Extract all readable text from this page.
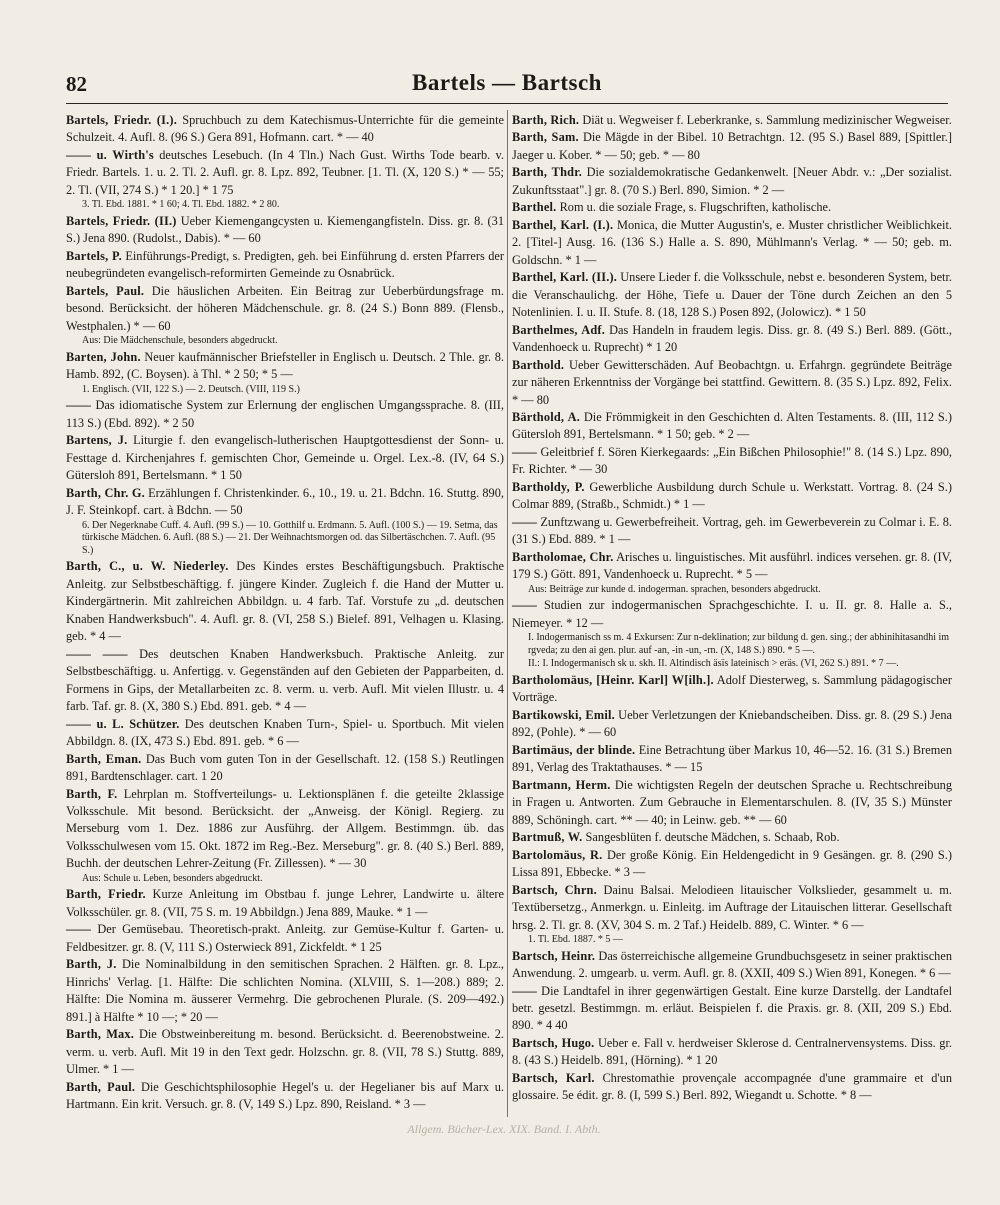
82	Bartels — Bartsch
Bartels, Friedr. (I.). Spruchbuch zu dem Katechismus-Unterrichte für die gemeinte Schulzeit. 4. Aufl. 8. (96 S.) Gera 891, Hofmann. cart. * — 40
—— u. Wirth's deutsches Lesebuch. (In 4 Tln.) Nach Gust. Wirths Tode bearb. v. Friedr. Bartels. 1. u. 2. Tl. 2. Aufl. gr. 8. Lpz. 892, Teubner. [1. Tl. (X, 120 S.) * — 55; 2. Tl. (VII, 274 S.) * 1 20.] * 1 75
3. Tl. Ebd. 1881. * 1 60; 4. Tl. Ebd. 1882. * 2 80.
Bartels, Friedr. (II.) Ueber Kiemengangcysten u. Kiemengangfisteln. Diss. gr. 8. (31 S.) Jena 890. (Rudolst., Dabis). * — 60
Bartels, P. Einführungs-Predigt, s. Predigten, geh. bei Einführung d. ersten Pfarrers der neubegründeten evangelisch-reformirten Gemeinde zu Osnabrück.
Bartels, Paul. Die häuslichen Arbeiten. Ein Beitrag zur Ueberbürdungsfrage m. besond. Berücksicht. der höheren Mädchenschule. gr. 8. (24 S.) Bonn 889. (Flensb., Westphalen.) * — 60
Aus: Die Mädchenschule, besonders abgedruckt.
Barten, John. Neuer kaufmännischer Briefsteller in Englisch u. Deutsch. 2 Thle. gr. 8. Hamb. 892, (C. Boysen). à Thl. * 2 50; * 5 —
1. Englisch. (VII, 122 S.) — 2. Deutsch. (VIII, 119 S.)
—— Das idiomatische System zur Erlernung der englischen Umgangssprache. 8. (III, 113 S.) (Ebd. 892). * 2 50
Bartens, J. Liturgie f. den evangelisch-lutherischen Hauptgottesdienst der Sonn- u. Festtage d. Kirchenjahres f. gemischten Chor, Gemeinde u. Orgel. Lex.-8. (IV, 64 S.) Gütersloh 891, Bertelsmann. * 1 50
Barth, Chr. G. Erzählungen f. Christenkinder. 6., 10., 19. u. 21. Bdchn. 16. Stuttg. 890, J. F. Steinkopf. cart. à Bdchn. — 50
6. Der Negerknabe Cuff. 4. Aufl. (99 S.) — 10. Gotthilf u. Erdmann. 5. Aufl. (100 S.) — 19. Setma, das türkische Mädchen. 6. Aufl. (88 S.) — 21. Der Weihnachtsmorgen od. das Silbertäschchen. 7. Aufl. (95 S.)
Barth, C., u. W. Niederley. Des Kindes erstes Beschäftigungsbuch. Praktische Anleitg. zur Selbstbeschäftigg. f. jüngere Kinder. Zugleich f. die Hand der Mutter u. Kindergärtnerin. Mit zahlreichen Abbildgn. u. 4 farb. Taf. Vorstufe zu „d. deutschen Knaben Handwerksbuch". 4. Aufl. gr. 8. (VI, 258 S.) Bielef. 891, Velhagen u. Klasing. geb. * 4 —
—— —— Des deutschen Knaben Handwerksbuch. Praktische Anleitg. zur Selbstbeschäftigg. u. Anfertigg. v. Gegenständen auf den Gebieten der Papparbeiten, d. Formens in Gips, der Metallarbeiten zc. 8. verm. u. verb. Aufl. Mit vielen Illustr. u. 4 farb. Taf. gr. 8. (X, 380 S.) Ebd. 891. geb. * 4 —
—— u. L. Schützer. Des deutschen Knaben Turn-, Spiel- u. Sportbuch. Mit vielen Abbildgn. 8. (IX, 473 S.) Ebd. 891. geb. * 6 —
Barth, Eman. Das Buch vom guten Ton in der Gesellschaft. 12. (158 S.) Reutlingen 891, Bardtenschlager. cart. 1 20
Barth, F. Lehrplan m. Stoffverteilungs- u. Lektionsplänen f. die geteilte 2klassige Volksschule. Mit besond. Berücksicht. der „Anweisg. der Königl. Regierg. zu Merseburg vom 1. Dez. 1886 zur Ausführg. der Allgem. Bestimmgn. üb. das Volksschulwesen vom 15. Okt. 1872 im Reg.-Bez. Merseburg". gr. 8. (40 S.) Berl. 889, Buchh. der deutschen Lehrer-Zeitung (Fr. Zillessen). * — 30
Aus: Schule u. Leben, besonders abgedruckt.
Barth, Friedr. Kurze Anleitung im Obstbau f. junge Lehrer, Landwirte u. ältere Volksschüler. gr. 8. (VII, 75 S. m. 19 Abbildgn.) Jena 889, Mauke. * 1 —
—— Der Gemüsebau. Theoretisch-prakt. Anleitg. zur Gemüse-Kultur f. Garten- u. Feldbesitzer. gr. 8. (V, 111 S.) Osterwieck 891, Zickfeldt. * 1 25
Barth, J. Die Nominalbildung in den semitischen Sprachen. 2 Hälften. gr. 8. Lpz., Hinrichs' Verlag. [1. Hälfte: Die schlichten Nomina. (XLVIII, S. 1—208.) 889; 2. Hälfte: Die Nomina m. äusserer Vermehrg. Die gebrochenen Plurale. (S. 209—492.) 891.] à Hälfte * 10 —; * 20 —
Barth, Max. Die Obstweinbereitung m. besond. Berücksicht. d. Beerenobstweine. 2. verm. u. verb. Aufl. Mit 19 in den Text gedr. Holzschn. gr. 8. (VII, 78 S.) Stuttg. 889, Ulmer. * 1 —
Barth, Paul. Die Geschichtsphilosophie Hegel's u. der Hegelianer bis auf Marx u. Hartmann. Ein krit. Versuch. gr. 8. (V, 149 S.) Lpz. 890, Reisland. * 3 —
Barth, Rich. Diät u. Wegweiser f. Leberkranke, s. Sammlung medizinischer Wegweiser.
Barth, Sam. Die Mägde in der Bibel. 10 Betrachtgn. 12. (95 S.) Basel 889, [Spittler.] Jaeger u. Kober. * — 50; geb. * — 80
Barth, Thdr. Die sozialdemokratische Gedankenwelt. [Neuer Abdr. v.: „Der sozialist. Zukunftsstaat".] gr. 8. (70 S.) Berl. 890, Simion. * 2 —
Barthel. Rom u. die soziale Frage, s. Flugschriften, katholische.
Barthel, Karl. (I.). Monica, die Mutter Augustin's, e. Muster christlicher Weiblichkeit. 2. [Titel-] Ausg. 16. (136 S.) Halle a. S. 890, Mühlmann's Verlag. * — 50; geb. m. Goldschn. * 1 —
Barthel, Karl. (II.). Unsere Lieder f. die Volksschule, nebst e. besonderen System, betr. die Veranschaulichg. der Höhe, Tiefe u. Dauer der Töne durch Zeichen an den 5 Notenlinien. I. u. II. Stufe. 8. (18, 128 S.) Posen 892, (Jolowicz). * 1 50
Barthelmes, Adf. Das Handeln in fraudem legis. Diss. gr. 8. (49 S.) Berl. 889. (Gött., Vandenhoeck u. Ruprecht) * 1 20
Barthold. Ueber Gewitterschäden. Auf Beobachtgn. u. Erfahrgn. gegründete Beiträge zur näheren Erkenntniss der Vorgänge bei stattfind. Gewittern. 8. (35 S.) Lpz. 892, Felix. * — 80
Bärthold, A. Die Frömmigkeit in den Geschichten d. Alten Testaments. 8. (III, 112 S.) Gütersloh 891, Bertelsmann. * 1 50; geb. * 2 —
—— Geleitbrief f. Sören Kierkegaards: „Ein Bißchen Philosophie!" 8. (14 S.) Lpz. 890, Fr. Richter. * — 30
Bartholdy, P. Gewerbliche Ausbildung durch Schule u. Werkstatt. Vortrag. 8. (24 S.) Colmar 889, (Straßb., Schmidt.) * 1 —
—— Zunftzwang u. Gewerbefreiheit. Vortrag, geh. im Gewerbeverein zu Colmar i. E. 8. (31 S.) Ebd. 889. * 1 —
Bartholomae, Chr. Arisches u. linguistisches. Mit ausführl. indices versehen. gr. 8. (IV, 179 S.) Gött. 891, Vandenhoeck u. Ruprecht. * 5 —
Aus: Beiträge zur kunde d. indogerman. sprachen, besonders abgedruckt.
—— Studien zur indogermanischen Sprachgeschichte. I. u. II. gr. 8. Halle a. S., Niemeyer. * 12 —
I. Indogermanisch ss m. 4 Exkursen: Zur n-deklination; zur bildung d. gen. sing.; der abhinihitasandhi im rgveda; zu den ai gen. plur. auf -an, -in -un, -rn. (X, 148 S.) 890. * 5 —.
II.: I. Indogermanisch sk u. skh. II. Altindisch äsïs lateinisch > eräs. (VI, 262 S.) 891. * 7 —.
Bartholomäus, [Heinr. Karl] W[ilh.]. Adolf Diesterweg, s. Sammlung pädagogischer Vorträge.
Bartikowski, Emil. Ueber Verletzungen der Kniebandscheiben. Diss. gr. 8. (29 S.) Jena 892, (Pohle). * — 60
Bartimäus, der blinde. Eine Betrachtung über Markus 10, 46—52. 16. (31 S.) Bremen 891, Verlag des Traktathauses. * — 15
Bartmann, Herm. Die wichtigsten Regeln der deutschen Sprache u. Rechtschreibung in Fragen u. Antworten. Zum Gebrauche in Elementarschulen. 8. (IV, 35 S.) Münster 889, Schöningh. cart. ** — 40; in Leinw. geb. ** — 60
Bartmuß, W. Sangesblüten f. deutsche Mädchen, s. Schaab, Rob.
Bartolomäus, R. Der große König. Ein Heldengedicht in 9 Gesängen. gr. 8. (290 S.) Lissa 891, Ebbecke. * 3 —
Bartsch, Chrn. Dainu Balsai. Melodieen litauischer Volkslieder, gesammelt u. m. Textübersetzg., Anmerkgn. u. Einleitg. im Auftrage der Litauischen litterar. Gesellschaft hrsg. 2. Tl. gr. 8. (XV, 304 S. m. 2 Taf.) Heidelb. 889, C. Winter. * 6 —
1. Tl. Ebd. 1887. * 5 —
Bartsch, Heinr. Das österreichische allgemeine Grundbuchsgesetz in seiner praktischen Anwendung. 2. umgearb. u. verm. Aufl. gr. 8. (XXII, 409 S.) Wien 891, Konegen. * 6 —
—— Die Landtafel in ihrer gegenwärtigen Gestalt. Eine kurze Darstellg. der Landtafel betr. gesetzl. Bestimmgn. m. erläut. Beispielen f. die Praxis. gr. 8. (XII, 209 S.) Ebd. 890. * 4 40
Bartsch, Hugo. Ueber e. Fall v. herdweiser Sklerose d. Centralnervensystems. Diss. gr. 8. (43 S.) Heidelb. 891, (Hörning). * 1 20
Bartsch, Karl. Chrestomathie provençale accompagnée d'une grammaire et d'un glossaire. 5e édit. gr. 8. (I, 599 S.) Berl. 892, Wiegandt u. Schotte. * 8 —
Allgem. Bücher-Lex. XIX. Band. I. Abth.
